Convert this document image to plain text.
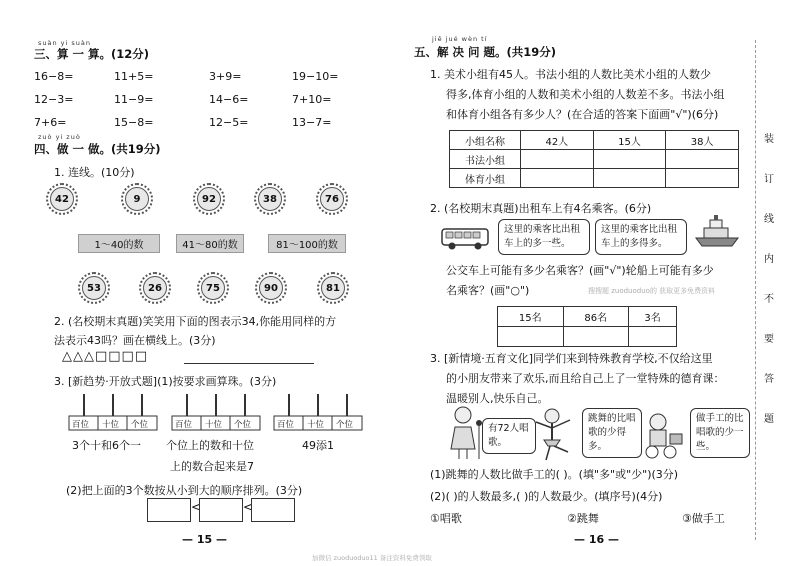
suàn yi suàn
三、算 一 算。(12分)
16−8=	11+5=	3+9=	19−10=
12−3=	11−9=	14−6=	7+10=
7+6=	15−8=	12−5=	13−7=
zuò yi zuò
四、做 一 做。(共19分)
1. 连线。(10分)
42	9	92	38	76
1～40的数	41～80的数	81～100的数
53	26	75	90	81
2. (名校期末真题)笑笑用下面的图表示34,你能用同样的方
法表示43吗？画在横线上。(3分)
△△△□□□□
3. [新趋势·开放式题](1)按要求画算珠。(3分)
百位 十位 个位
3个十和6个一
百位 十位 个位
个位上的数和十位
上的数合起来是7
百位 十位 个位
49添1
(2)把上面的3个数按从小到大的顺序排列。(3分)
<	<
— 15 —
jiě jué wèn tí
五、解 决 问 题。(共19分)
1. 美术小组有45人。书法小组的人数比美术小组的人数少
得多,体育小组的人数和美术小组的人数差不多。书法小组
和体育小组各有多少人？(在合适的答案下面画"√")(6分)
小组名称	42人	15人	38人
书法小组			
体育小组			
2. (名校期末真题)出租车上有4名乘客。(6分)
这里的乘客比出租车上的多一些。
这里的乘客比出租车上的多得多。
公交车上可能有多少名乘客？(画"√")轮船上可能有多少
名乘客？(画"○")	搜搜题 zuoduoduo的 获取更多免费资料
15名	86名	3名

3. [新情境·五育文化]同学们来到特殊教育学校,不仅给这里
的小朋友带来了欢乐,而且给自己上了一堂特殊的德育课：
温暖别人,快乐自己。
有72人唱歌。
跳舞的比唱歌的少得多。
做手工的比唱歌的少一些。
(1)跳舞的人数比做手工的( )。(填"多"或"少")(3分)
(2)( )的人数最多,( )的人数最少。(填序号)(4分)
①唱歌	②跳舞	③做手工
— 16 —
加微信 zuoduoduo11 备注资料免费领取
装
订
线
内
不
要
答
题
